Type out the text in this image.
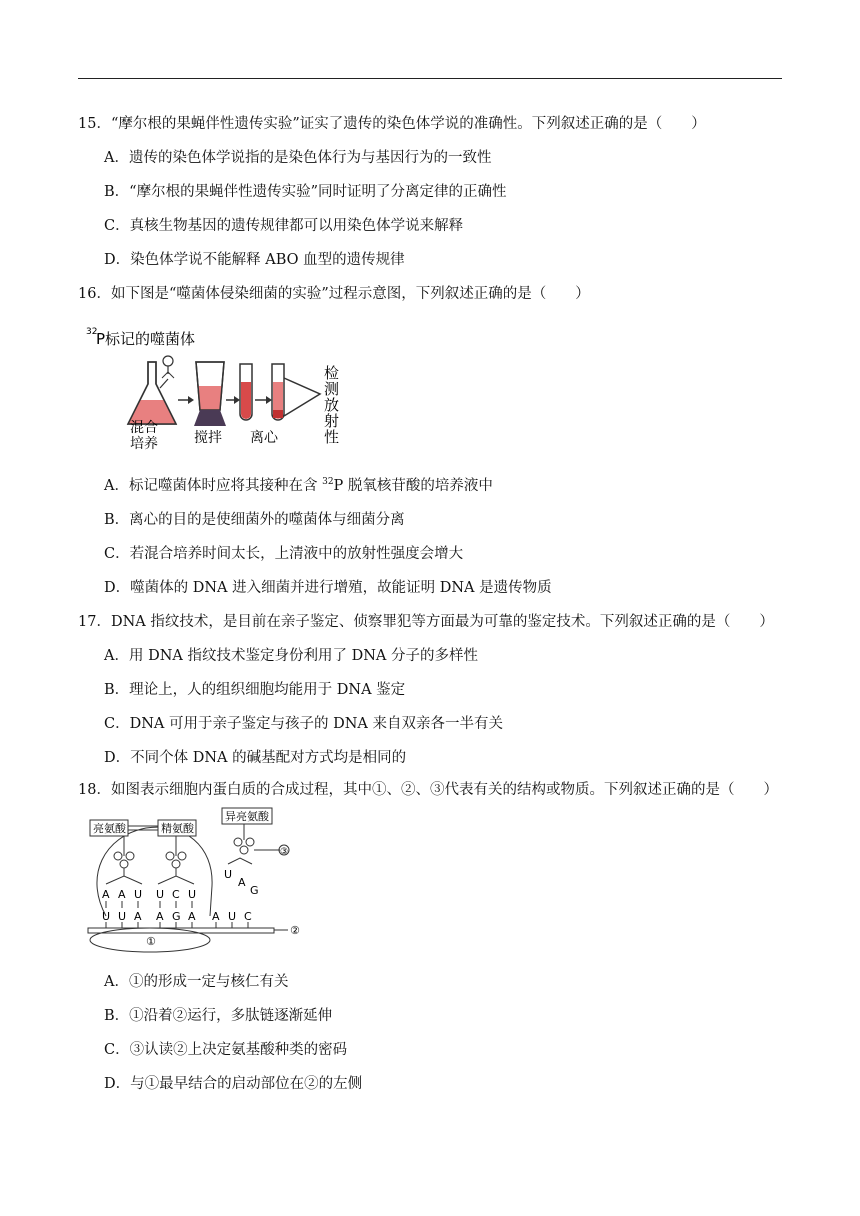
15．“摩尔根的果蝇伴性遗传实验”证实了遗传的染色体学说的准确性。下列叙述正确的是（　　）
A．遗传的染色体学说指的是染色体行为与基因行为的一致性
B．“摩尔根的果蝇伴性遗传实验”同时证明了分离定律的正确性
C．真核生物基因的遗传规律都可以用染色体学说来解释
D．染色体学说不能解释 ABO 血型的遗传规律
16．如下图是“噬菌体侵染细菌的实验”过程示意图，下列叙述正确的是（　　）
32
P标记的噬菌体
检
测
放
射
性
混合
培养	搅拌 离心
A．标记噬菌体时应将其接种在含 $^{32}$P 脱氧核苷酸的培养液中
B．离心的目的是使细菌外的噬菌体与细菌分离
C．若混合培养时间太长，上清液中的放射性强度会增大
D．噬菌体的 DNA 进入细菌并进行增殖，故能证明 DNA 是遗传物质
17．DNA 指纹技术，是目前在亲子鉴定、侦察罪犯等方面最为可靠的鉴定技术。下列叙述正确的是（　　）
A．用 DNA 指纹技术鉴定身份利用了 DNA 分子的多样性
B．理论上，人的组织细胞均能用于 DNA 鉴定
C．DNA 可用于亲子鉴定与孩子的 DNA 来自双亲各一半有关
D．不同个体 DNA 的碱基配对方式均是相同的
18．如图表示细胞内蛋白质的合成过程，其中①、②、③代表有关的结构或物质。下列叙述正确的是（　　）
亮氨酸	精氨酸
异亮氨酸
③
A A U U C U
U
A
G
U U A A G A A U C
②
①
A．①的形成一定与核仁有关
B．①沿着②运行，多肽链逐渐延伸
C．③认读②上决定氨基酸种类的密码
D．与①最早结合的启动部位在②的左侧
